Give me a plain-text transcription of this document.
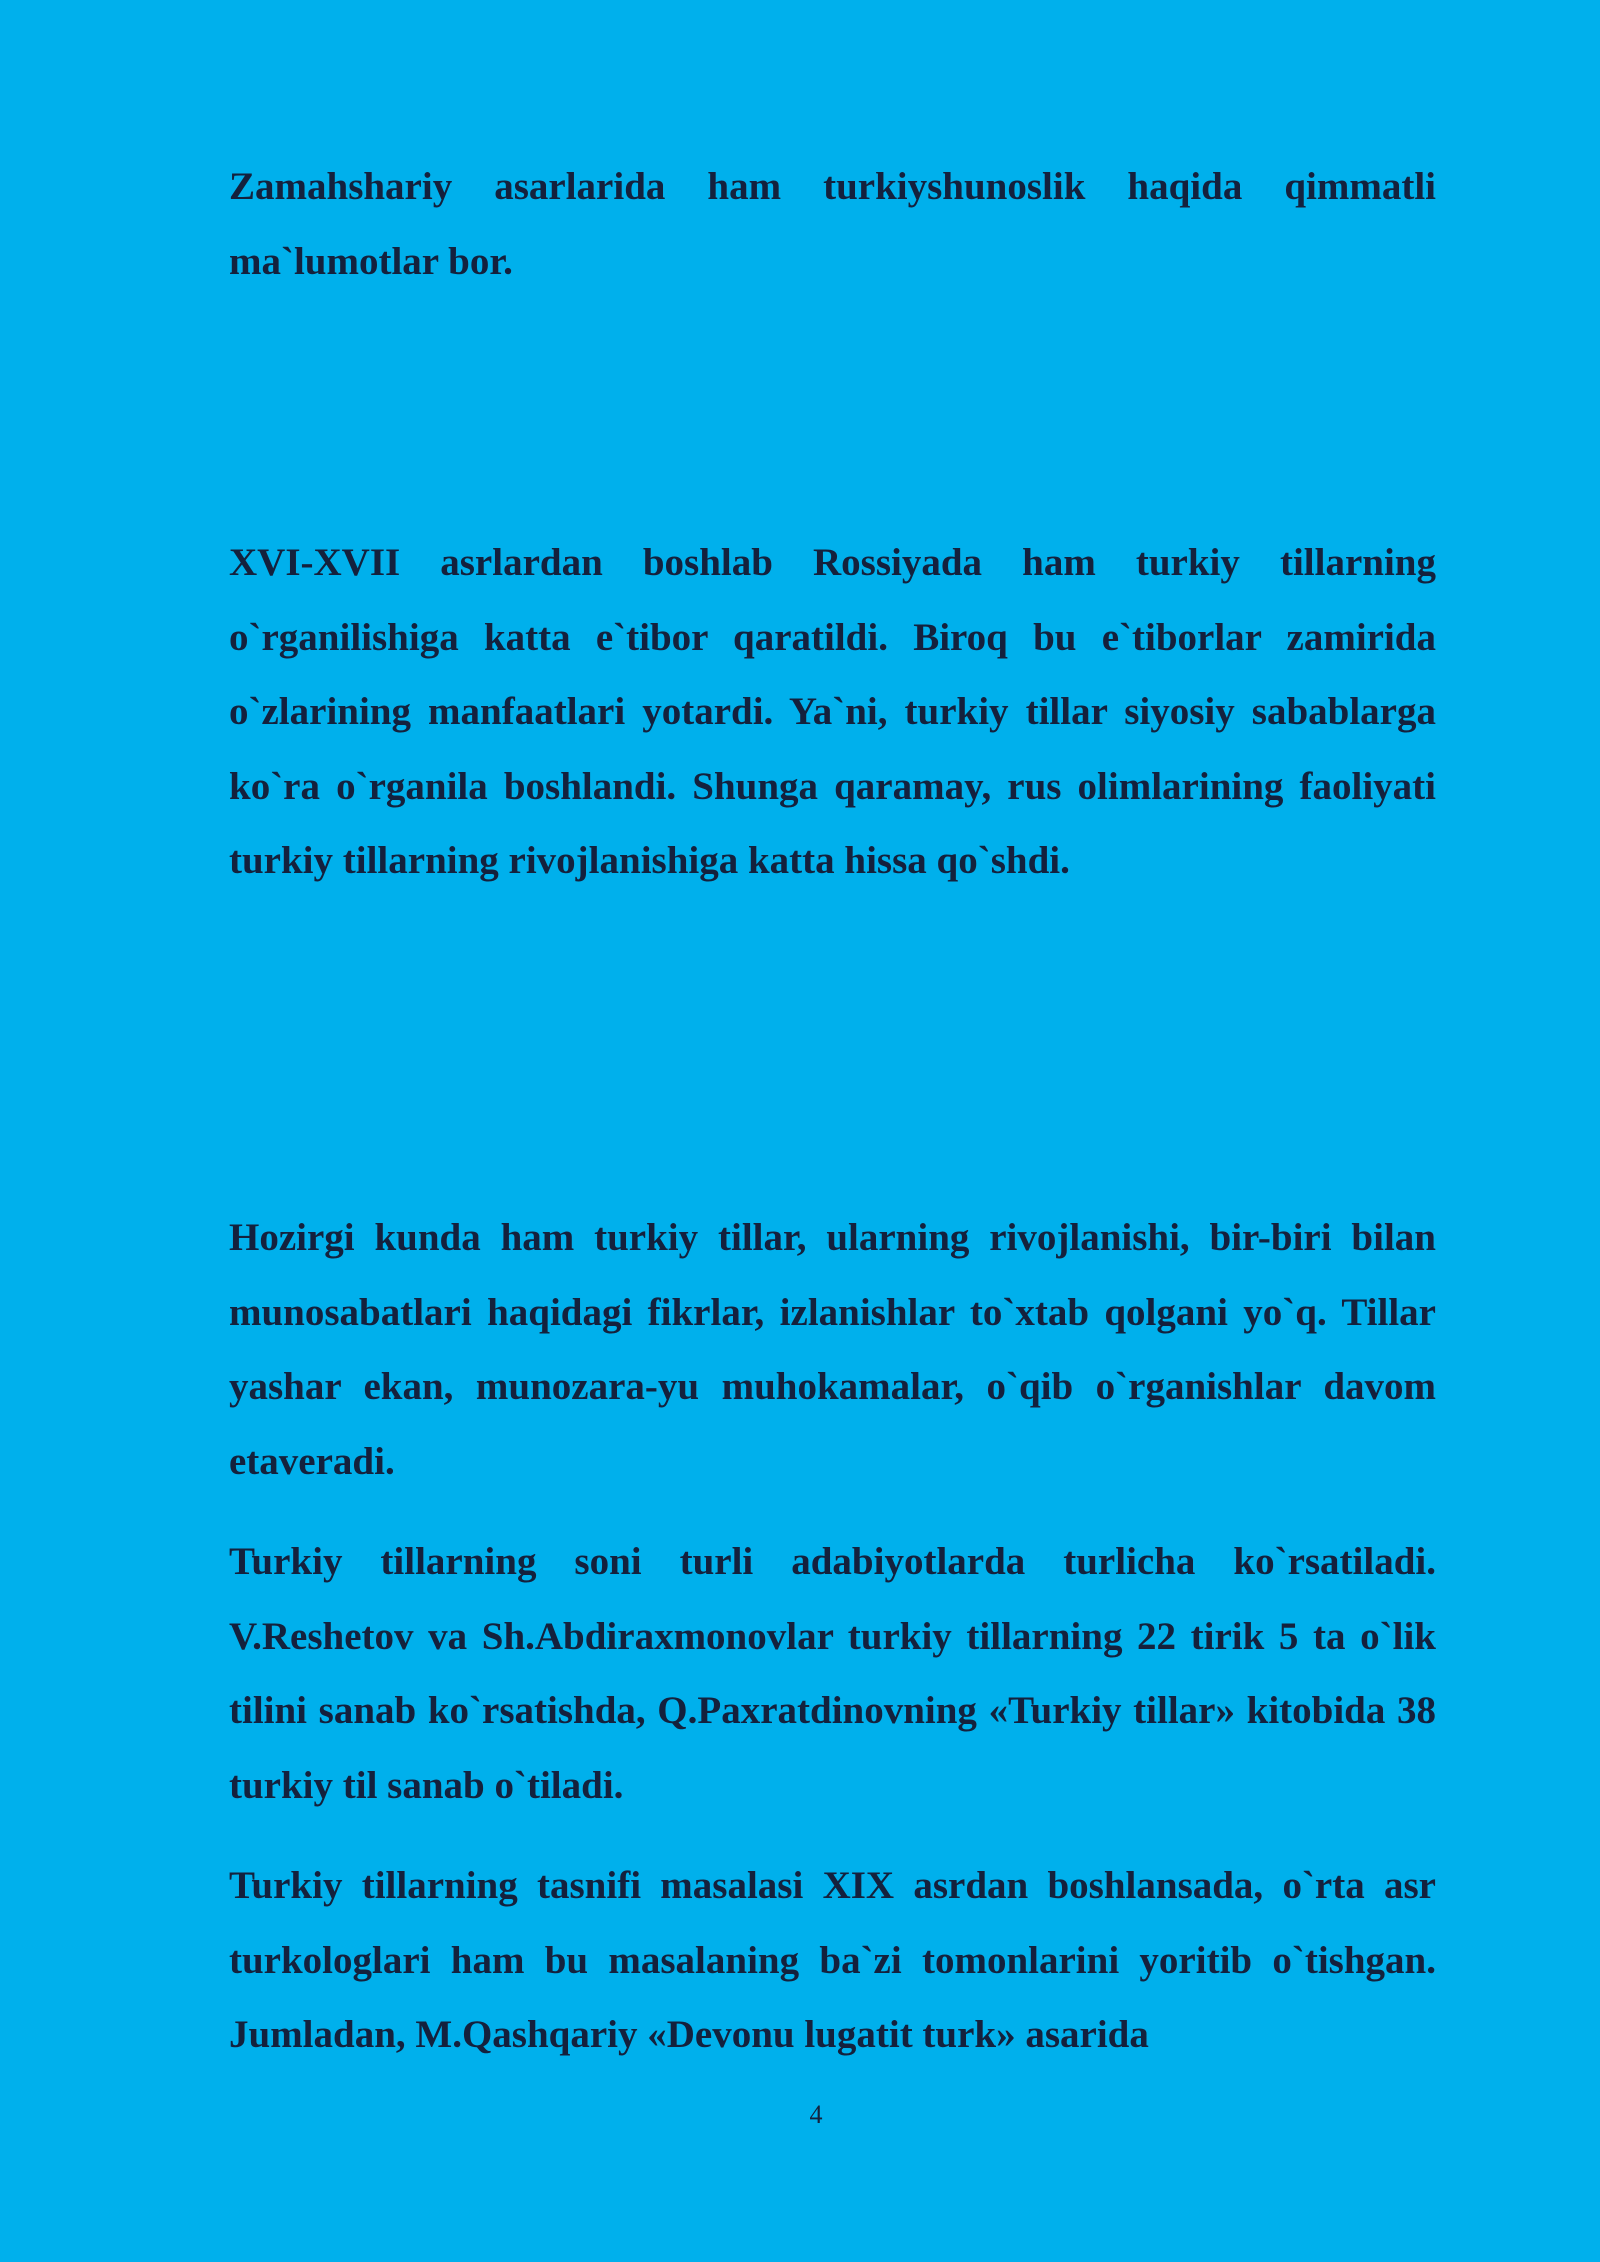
Zamahshariy asarlarida ham turkiyshunoslik haqida qimmatli ma`lumotlar bor.

XVI-XVII asrlardan boshlab Rossiyada ham turkiy tillarning o`rganilishiga katta e`tibor qaratildi. Biroq bu e`tiborlar zamirida o`zlarining manfaatlari yotardi. Ya`ni, turkiy tillar siyosiy sabablarga ko`ra o`rganila boshlandi. Shunga qaramay, rus olimlarining faoliyati turkiy tillarning rivojlanishiga katta hissa qo`shdi.

Hozirgi kunda ham turkiy tillar, ularning rivojlanishi, bir-biri bilan munosabatlari haqidagi fikrlar, izlanishlar to`xtab qolgani yo`q. Tillar yashar ekan, munozara-yu muhokamalar, o`qib o`rganishlar davom etaveradi.

Turkiy tillarning soni turli adabiyotlarda turlicha ko`rsatiladi. V.Reshetov va Sh.Abdiraxmonovlar turkiy tillarning 22 tirik 5 ta o`lik tilini sanab ko`rsatishda, Q.Paxratdinovning «Turkiy tillar» kitobida 38 turkiy til sanab o`tiladi.

Turkiy tillarning tasnifi masalasi XIX asrdan boshlansada, o`rta asr turkologlari ham bu masalaning ba`zi tomonlarini yoritib o`tishgan. Jumladan, M.Qashqariy «Devonu lugatit turk» asarida

4
